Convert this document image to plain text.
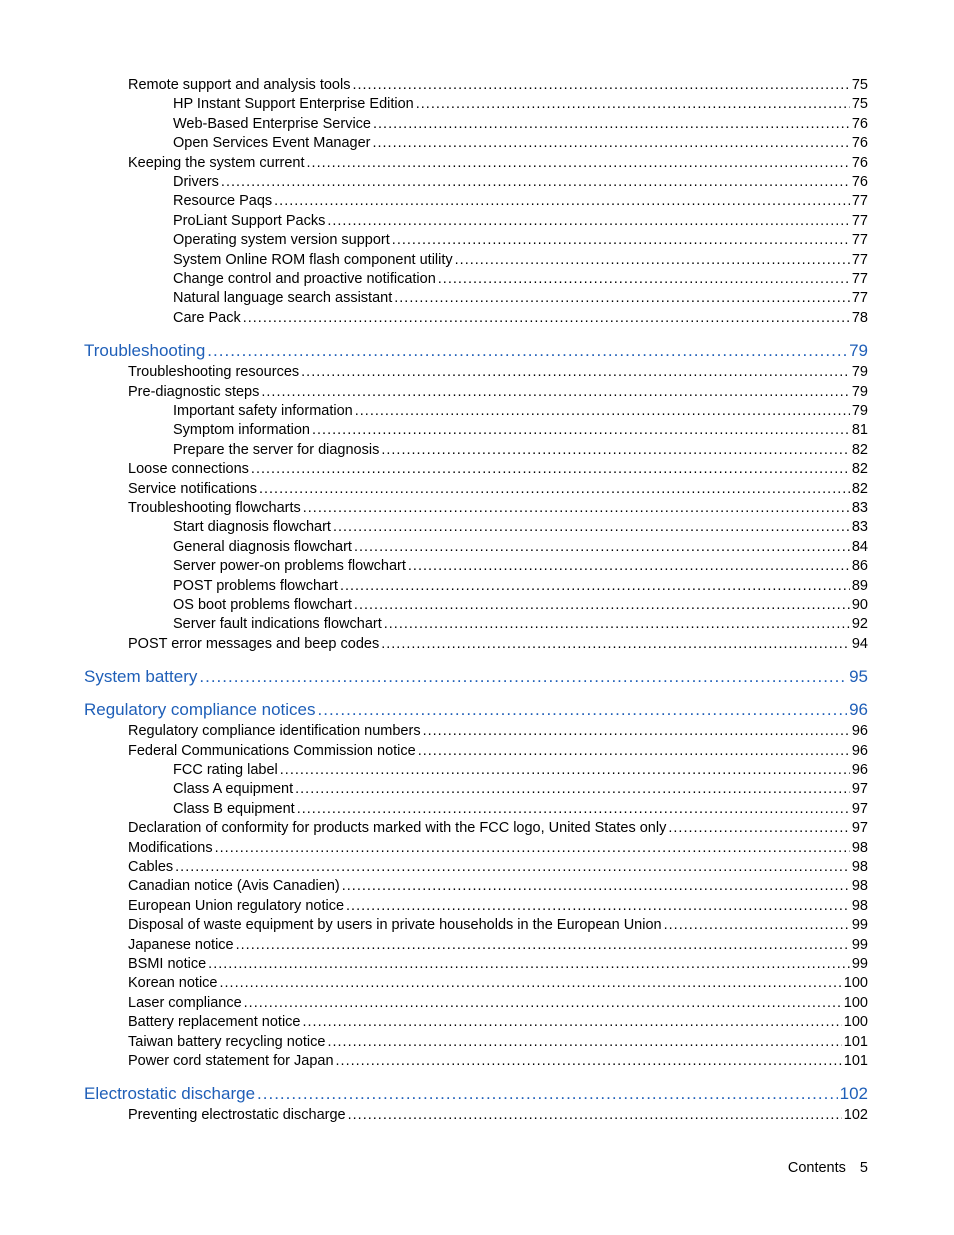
Remote support and analysis tools .....	75
HP Instant Support Enterprise Edition .....	75
Web-Based Enterprise Service .....	76
Open Services Event Manager .....	76
Keeping the system current .....	76
Drivers .....	76
Resource Paqs .....	77
ProLiant Support Packs .....	77
Operating system version support .....	77
System Online ROM flash component utility .....	77
Change control and proactive notification .....	77
Natural language search assistant .....	77
Care Pack .....	78
Troubleshooting .....	79
Troubleshooting resources .....	79
Pre-diagnostic steps .....	79
Important safety information .....	79
Symptom information .....	81
Prepare the server for diagnosis .....	82
Loose connections .....	82
Service notifications .....	82
Troubleshooting flowcharts .....	83
Start diagnosis flowchart .....	83
General diagnosis flowchart .....	84
Server power-on problems flowchart .....	86
POST problems flowchart .....	89
OS boot problems flowchart .....	90
Server fault indications flowchart .....	92
POST error messages and beep codes .....	94
System battery .....	95
Regulatory compliance notices .....	96
Regulatory compliance identification numbers .....	96
Federal Communications Commission notice .....	96
FCC rating label .....	96
Class A equipment .....	97
Class B equipment .....	97
Declaration of conformity for products marked with the FCC logo, United States only .....	97
Modifications .....	98
Cables .....	98
Canadian notice (Avis Canadien) .....	98
European Union regulatory notice .....	98
Disposal of waste equipment by users in private households in the European Union .....	99
Japanese notice .....	99
BSMI notice .....	99
Korean notice .....	100
Laser compliance .....	100
Battery replacement notice .....	100
Taiwan battery recycling notice .....	101
Power cord statement for Japan .....	101
Electrostatic discharge .....	102
Preventing electrostatic discharge .....	102
Contents 5
